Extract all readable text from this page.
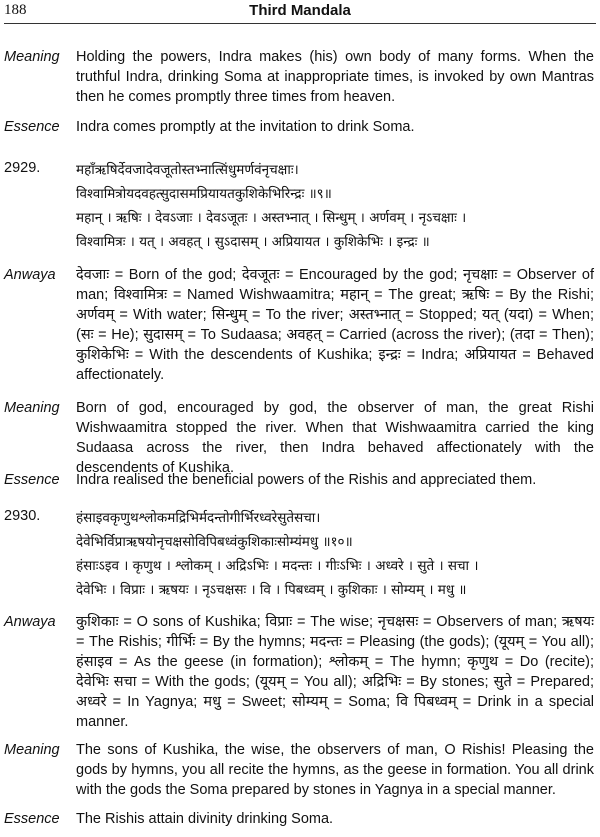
188	Third Mandala
Meaning	Holding the powers, Indra makes (his) own body of many forms. When the truthful Indra, drinking Soma at inappropriate times, is invoked by own Mantras then he comes promptly three times from heaven.
Essence	Indra comes promptly at the invitation to drink Soma.
2929.	महाँऋषिर्देवजादेवजूतोस्तभ्नात्सिंधुमर्णवंनृचक्षाः।
विश्वामित्रोयदवहत्सुदासमप्रियायतकुशिकेभिरिन्द्रः ॥९॥
महान् । ऋषिः । देवऽजाः । देवऽजूतः । अस्तभ्नात् । सिन्धुम् । अर्णवम् । नृऽचक्षाः ।
विश्वामित्रः । यत् । अवहत् । सुऽदासम् । अप्रियायत । कुशिकेभिः । इन्द्रः ॥
Anwaya	देवजाः = Born of the god; देवजूतः = Encouraged by the god; नृचक्षाः = Observer of man; विश्वामित्रः = Named Wishwaamitra; महान् = The great; ऋषिः = By the Rishi; अर्णवम् = With water; सिन्धुम् = To the river; अस्तभ्नात् = Stopped; यत् (यदा) = When; (सः = He); सुदासम् = To Sudaasa; अवहत् = Carried (across the river); (तदा = Then); कुशिकेभिः = With the descendents of Kushika; इन्द्रः = Indra; अप्रियायत = Behaved affectionately.
Meaning	Born of god, encouraged by god, the observer of man, the great Rishi Wishwaamitra stopped the river. When that Wishwaamitra carried the king Sudaasa across the river, then Indra behaved affectionately with the descendents of Kushika.
Essence	Indra realised the beneficial powers of the Rishis and appreciated them.
2930.	हंसाइवकृणुथश्लोकमद्रिभिर्मदन्तोगीर्भिरध्वरेसुतेसचा।
देवेभिर्विप्राऋषयोनृचक्षसोविपिबध्वंकुशिकाःसोम्यंमधु ॥१०॥
हंसाःऽइव । कृणुथ । श्लोकम् । अद्रिऽभिः । मदन्तः । गीःऽभिः । अध्वरे । सुते । सचा ।
देवेभिः । विप्राः । ऋषयः । नृऽचक्षसः । वि । पिबध्वम् । कुशिकाः । सोम्यम् । मधु ॥
Anwaya	कुशिकाः = O sons of Kushika; विप्राः = The wise; नृचक्षसः = Observers of man; ऋषयः = The Rishis; गीर्भिः = By the hymns; मदन्तः = Pleasing (the gods); (यूयम् = You all); हंसाइव = As the geese (in formation); श्लोकम् = The hymn; कृणुथ = Do (recite); देवेभिः सचा = With the gods; (यूयम् = You all); अद्रिभिः = By stones; सुते = Prepared; अध्वरे = In Yagnya; मधु = Sweet; सोम्यम् = Soma; वि पिबध्वम् = Drink in a special manner.
Meaning	The sons of Kushika, the wise, the observers of man, O Rishis! Pleasing the gods by hymns, you all recite the hymns, as the geese in formation. You all drink with the gods the Soma prepared by stones in Yagnya in a special manner.
Essence	The Rishis attain divinity drinking Soma.
